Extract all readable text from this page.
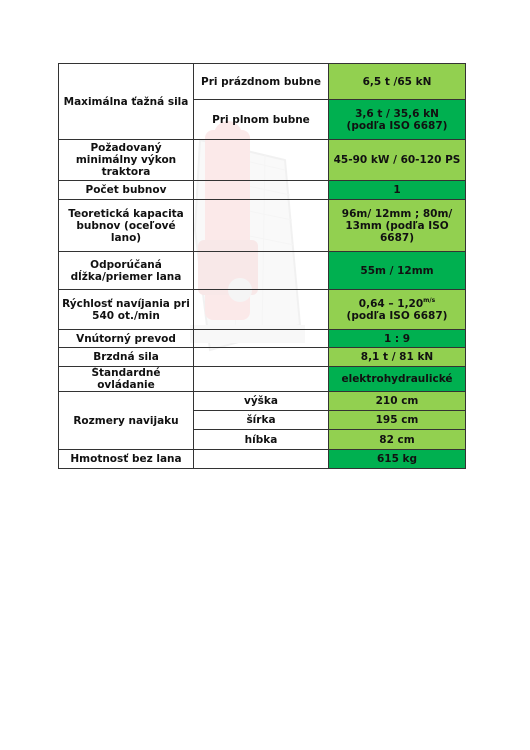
Maximálna ťažná sila	Pri prázdnom bubne	6,5 t /65 kN
	Pri plnom bubne	3,6 t / 35,6 kN
(podľa ISO 6687)
Požadovaný minimálny výkon traktora		45-90 kW / 60-120 PS
Počet bubnov		1
Teoretická kapacita bubnov (oceľové lano)		96m/ 12mm ; 80m/ 13mm (podľa ISO 6687)
Odporúčaná dĺžka/priemer lana		55m / 12mm
Rýchlosť navíjania pri 540 ot./min		$0,64 - 1,20^{m/s}$
(podľa ISO 6687)
Vnútorný prevod		1 : 9
Brzdná sila		8,1 t / 81 kN
Štandardné ovládanie		elektrohydraulické
Rozmery navijaku	výška	210 cm
	šírka	195 cm
	híbka	82 cm
Hmotnosť bez lana		615 kg
